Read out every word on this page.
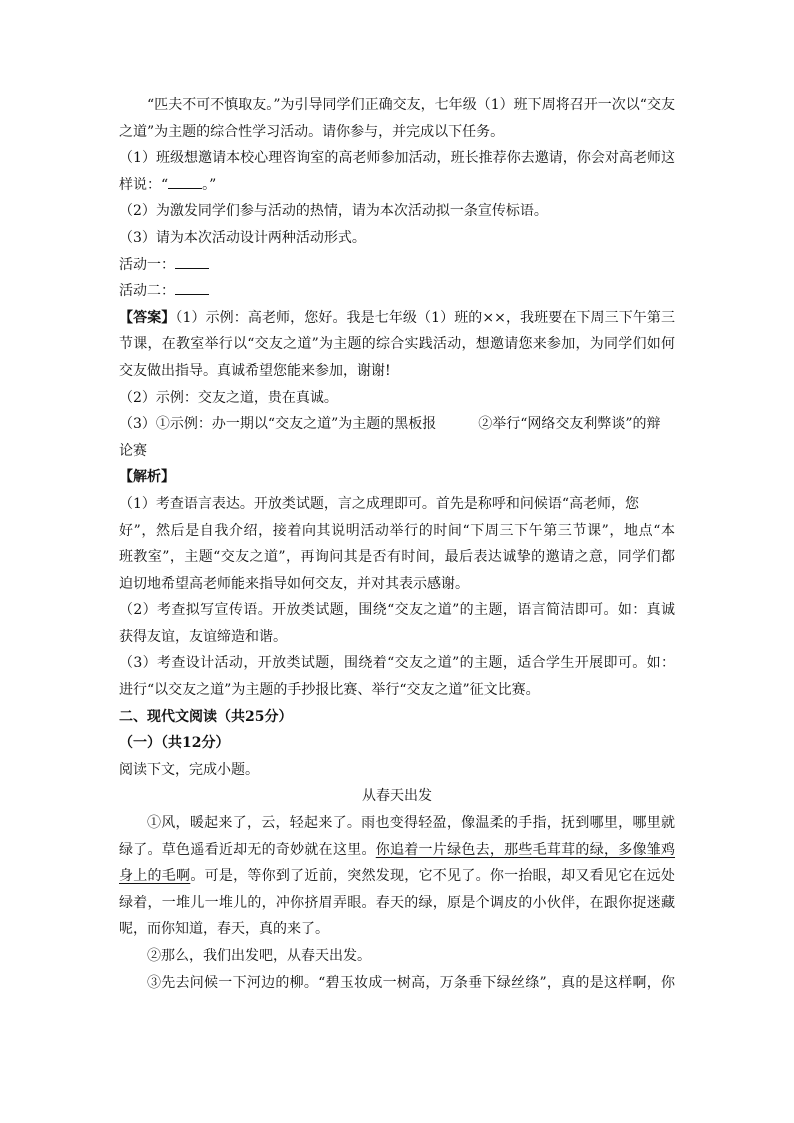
“匹夫不可不慎取友。”为引导同学们正确交友，七年级（1）班下周将召开一次以“交友
之道”为主题的综合性学习活动。请你参与，并完成以下任务。
（1）班级想邀请本校心理咨询室的高老师参加活动，班长推荐你去邀请，你会对高老师这
样说：“ 。”
（2）为激发同学们参与活动的热情，请为本次活动拟一条宣传标语。
（3）请为本次活动设计两种活动形式。
活动一：
活动二：
【答案】（1）示例：高老师，您好。我是七年级（1）班的××，我班要在下周三下午第三
节课，在教室举行以“交友之道”为主题的综合实践活动，想邀请您来参加，为同学们如何
交友做出指导。真诚希望您能来参加，谢谢!
（2）示例：交友之道，贵在真诚。
（3）①示例：办一期以“交友之道”为主题的黑板报	②举行“网络交友利弊谈”的辩
论赛
【解析】
（1）考查语言表达。开放类试题，言之成理即可。首先是称呼和问候语“高老师，您
好”，然后是自我介绍，接着向其说明活动举行的时间“下周三下午第三节课”，地点“本
班教室”，主题“交友之道”，再询问其是否有时间，最后表达诚挚的邀请之意，同学们都
迫切地希望高老师能来指导如何交友，并对其表示感谢。
（2）考查拟写宣传语。开放类试题，围绕“交友之道”的主题，语言简洁即可。如：真诚
获得友谊，友谊缔造和谐。
（3）考查设计活动，开放类试题，围绕着“交友之道”的主题，适合学生开展即可。如：
进行“以交友之道”为主题的手抄报比赛、举行“交友之道”征文比赛。
二、现代文阅读（共25分）
（一）（共12分）
阅读下文，完成小题。
从春天出发
①风，暖起来了，云，轻起来了。雨也变得轻盈，像温柔的手指，抚到哪里，哪里就
绿了。草色遥看近却无的奇妙就在这里。你追着一片绿色去，那些毛茸茸的绿，多像雏鸡
身上的毛啊。可是，等你到了近前，突然发现，它不见了。你一抬眼，却又看见它在远处
绿着，一堆儿一堆儿的，冲你挤眉弄眼。春天的绿，原是个调皮的小伙伴，在跟你捉迷藏
呢，而你知道，春天，真的来了。
②那么，我们出发吧，从春天出发。
③先去问候一下河边的柳。“碧玉妆成一树高，万条垂下绿丝绦”，真的是这样啊，你
